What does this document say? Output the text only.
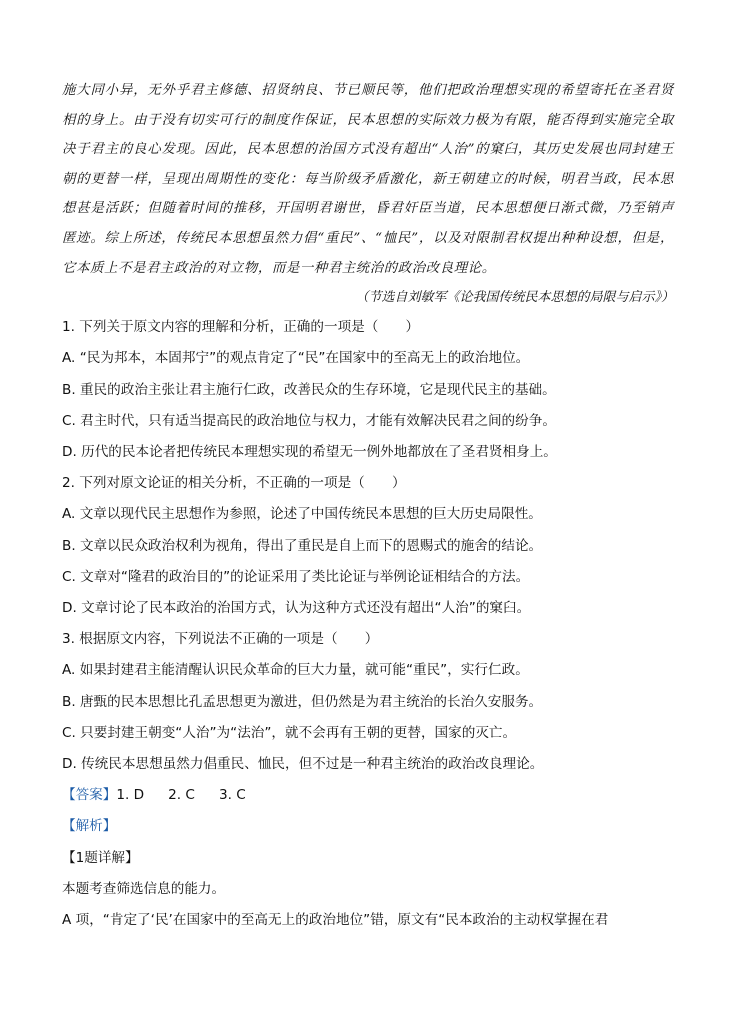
施大同小异，无外乎君主修德、招贤纳良、节已顺民等，他们把政治理想实现的希望寄托在圣君贤相的身上。由于没有切实可行的制度作保证，民本思想的实际效力极为有限，能否得到实施完全取决于君主的良心发现。因此，民本思想的治国方式没有超出“人治”的窠臼，其历史发展也同封建王朝的更替一样，呈现出周期性的变化：每当阶级矛盾激化，新王朝建立的时候，明君当政，民本思想甚是活跃；但随着时间的推移，开国明君谢世，昏君奸臣当道，民本思想便日渐式微，乃至销声匿迹。综上所述，传统民本思想虽然力倡“重民”、“恤民”，以及对限制君权提出种种设想，但是，它本质上不是君主政治的对立物，而是一种君主统治的政治改良理论。

（节选自刘敏军《论我国传统民本思想的局限与启示》）

1. 下列关于原文内容的理解和分析，正确的一项是（　　）

A. “民为邦本，本固邦宁”的观点肯定了“民”在国家中的至高无上的政治地位。

B. 重民的政治主张让君主施行仁政，改善民众的生存环境，它是现代民主的基础。

C. 君主时代，只有适当提高民的政治地位与权力，才能有效解决民君之间的纷争。

D. 历代的民本论者把传统民本理想实现的希望无一例外地都放在了圣君贤相身上。

2. 下列对原文论证的相关分析，不正确的一项是（　　）

A. 文章以现代民主思想作为参照，论述了中国传统民本思想的巨大历史局限性。

B. 文章以民众政治权利为视角，得出了重民是自上而下的恩赐式的施舍的结论。

C. 文章对“隆君的政治目的”的论证采用了类比论证与举例论证相结合的方法。

D. 文章讨论了民本政治的治国方式，认为这种方式还没有超出“人治”的窠臼。

3. 根据原文内容，下列说法不正确的一项是（　　）

A. 如果封建君主能清醒认识民众革命的巨大力量，就可能“重民”，实行仁政。

B. 唐甄的民本思想比孔孟思想更为激进，但仍然是为君主统治的长治久安服务。

C. 只要封建王朝变“人治”为“法治”，就不会再有王朝的更替，国家的灭亡。

D. 传统民本思想虽然力倡重民、恤民，但不过是一种君主统治的政治改良理论。

【答案】1. D 2. C 3. C

【解析】

【1题详解】

本题考查筛选信息的能力。

A 项，“肯定了‘民’在国家中的至高无上的政治地位”错，原文有“民本政治的主动权掌握在君
